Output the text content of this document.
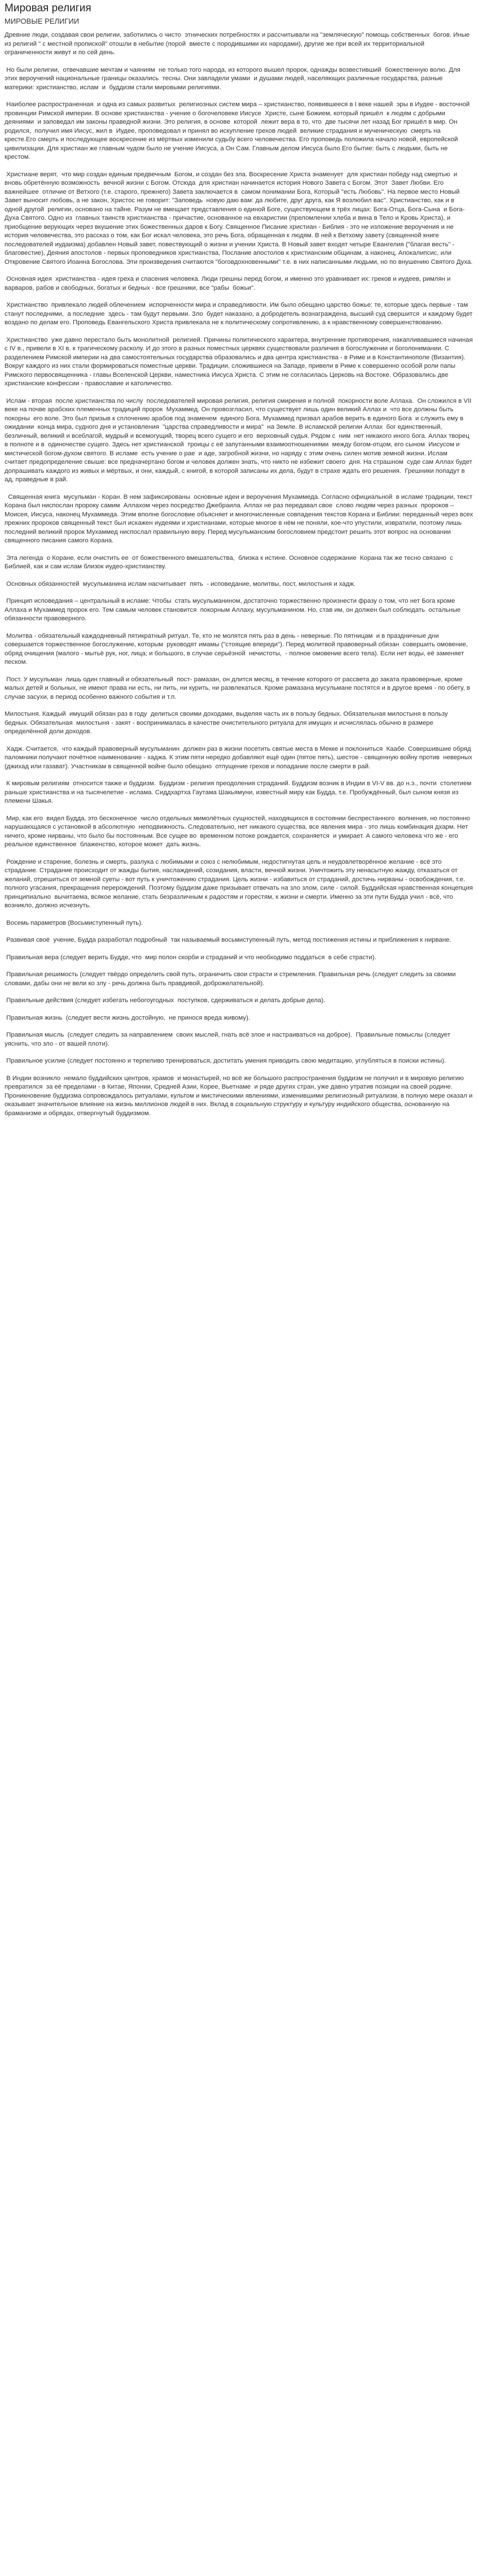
Мировая религия
МИРОВЫЕ РЕЛИГИИ

Древние люди, создавая свои религии, заботились о чисто  этнических потребностях и рассчитывали на "земляческую" помощь собственных  богов. Иные из религий " с местной пропиской" отошли в небытие (порой  вместе с породившими их народами), другие же при всей их территориальной  ограниченности живут и по сей день.

Но были религии,  отвечавшие мечтам и чаяниям  не только того народа, из которого вышел пророк, однажды возвестивший  божественную волю. Для этих вероучений национальные границы оказались  тесны. Они завладели умами  и душами людей, населяющих различные государства, разные  материки: христианство, ислам  и  буддизм стали мировыми религиями.

Наиболее распространенная  и одна из самых развитых  религиозных систем мира – христианство, появившееся в I веке нашей  эры в Иудее - восточной провинции Римской империи. В основе христианства - учение о богочеловеке Иисусе  Христе, сыне Божием, который пришёл  к людям с добрыми деяниями  и заповедал им законы праведной жизни. Это религия, в основе  которой  лежит вера в то, что  две тысячи лет назад Бог пришёл в мир. Он родился,  получил имя Иисус, жил в  Иудее, проповедовал и принял во искупление грехов людей  великие страдания и мученическую  смерть на кресте.Его смерть и последующее воскресение из мёртвых изменили судьбу всего человечества. Его проповедь положила начало новой, европейской цивилизации. Для христиан же главным чудом было не учение Иисуса, а Он Сам. Главным делом Иисуса было Его бытие: быть с людьми, быть не крестом.

Христиане верят,  что мир создан единым предвечным  Богом, и создан без зла. Воскресение Христа знаменует  для христиан победу над смертью  и вновь обретённую возможность  вечной жизни с Богом. Отсюда  для христиан начинается история Нового Завета с Богом. Этот  Завет Любви. Его важнейшее  отличие от Ветхого (т.е. старого, прежнего) Завета заключается в  самом понимании Бога, Который "есть Любовь". На первое место Новый Завет выносит любовь, а не закон, Христос не говорит: "Заповедь  новую даю вам: да любите, друг друга, как Я возлюбил вас". Христианство, как и в одной другой  религии, основано на тайне. Разум не вмещает представления о единой Боге, существующем в трёх лицах: Бога-Отца, Бога-Сына  и Бога-Духа Святого. Одно из  главных таинств христианства - причастие, основанное на евхаристии (преломлении хлеба и вина в Тело и Кровь Христа), и приобщение верующих через вкушение этих божественных даров к Богу. Священное Писание христиан - Библия - это не изложение вероучения и не история человечества, это рассказ о том, как Бог искал человека, это речь Бога, обращенная к людям. В ней к Ветхому завету (священной книге последователей иудаизма) добавлен Новый завет, повествующий о жизни и учении Христа. В Новый завет входят четыре Евангелия ("благая весть" - благовестие), Деяния апостолов - первых проповедников христианства, Послание апостолов к христианским общинам, а наконец, Апокалипсис, или Откровение Святого Иоанна Богослова. Эти произведения считаются "боговдохновенными" т.е. в них написанными людьми, но по внушению Святого Духа.

Основная идея  христианства - идея греха и спасения человека. Люди грешны перед богом, и именно это уравнивает их: греков и иудеев, римлян и варваров, рабов и свободных, богатых и бедных - все грешники, все "рабы  божьи".

Христианство  привлекало людей облечением  испорченности мира и справедливости. Им было обещано царство божье: те, которые здесь первые - там станут последними,  а последние  здесь - там будут первыми. Зло  будет наказано, а добродетель вознаграждена, высший суд свершится  и каждому будет воздано по делам его. Проповедь Евангельского Христа привлекала не к политическому сопротивлению, а к нравственному совершенствованию.

Христианство  уже давно перестало быть монолитной  религией. Причины политического характера, внутренние противоречия, накапливавшиеся начиная с IV в., привели в XI в. к трагическому расколу. И до этого в разных поместных церквях существовали различия в богослужении и боголонимании. С разделением Римской империи на два самостоятельных государства образовались и два центра христианства - в Риме и в Константинополе (Византия). Вокруг каждого из них стали формироваться поместные церкви. Традиции, сложившиеся на Западе, привели в Риме к совершенно особой роли папы Римского первосвященника - главы Вселенской Церкви, наместника Иисуса Христа. С этим не согласилась Церковь на Востоке. Образовались две христианские конфессии - православие и католичество.

Ислам - вторая  после христианства по числу  последователей мировая религия, религия смирения и полной  покорности воле Аллаха.  Он сложился в VII веке на почве арабских племенных традиций пророк  Мухаммед. Он провозгласил, что существует лишь один великий Аллах и  что все должны быть покорны  его воле. Это был призыв к сплочению арабов под знаменем  единого Бога. Мухаммед призвал арабов верить в единого Бога  и служить ему в ожидании  конца мира, судного дня и установления  "царства справедливости и мира"  на Земле. В исламской религии Аллах  бог единственный, безличный, великий и всеблагой, мудрый и всемогущий, творец всего сущего и его  верховный судья. Рядом с  ним  нет никакого иного бога. Аллах творец в полноте и в  одиночестве сущего. Здесь нет христианской  троицы с её запутанными взаимоотношениями  между богом-отцом, его сыном  Иисусом и мистической богом-духом святого. В исламе  есть учение о рае  и аде, загробной жизни, но наряду с этим очень силен мотив земной жизни. Ислам  считает предопределение свыше: все предначертано богом и человек должен знать, что никто не избежит своего  дня. На страшном  суде сам Аллах будет допрашивать каждого из живых и мёртвых, и они, каждый, с книгой, в которой записаны их дела, будут в страхе ждать его решения.  Грешники попадут в ад, праведные в рай.

Священная книга  мусульман - Коран. В нем зафиксированы  основные идеи и вероучения Мухаммеда. Согласно официальной  в исламе традиции, текст Корана был ниспослан пророку самим  Аллахом через посредство Джебраила. Аллах не раз передавал свое  слово людям через разных  пророков – Моисея, Иисуса, наконец Мухаммеда. Этим вполне богословие объясняет и многочисленные совпадения текстов Корана и Библии: переданный через всех прежних пророков священный текст был искажен иудеями и христианами, которые многое в нём не поняли, кое-что упустили, извратили, поэтому лишь последний великий пророк Мухаммед ниспослал правильную веру. Перед мусульманским богословием предстоит решить этот вопрос на основании священного писания самого Корана.

Эта легенда  о Коране, если очистить ее  от божественного вмешательства,  близка к истине. Основное содержание  Корана так же тесно связано  с Библией, как и сам ислам близок иудео-христианству.

Основных обязанностей  мусульманина ислам насчитывает  пять  - исповедание, молитвы, пост, милостыня и хадж.

Принцип исповедания – центральный в исламе: Чтобы  стать мусульманином, достаточно торжественно произнести фразу о том, что нет Бога кроме Аллаха и Мухаммед пророк его. Тем самым человек становится  покорным Аллаху, мусульманином. Но, став им, он должен был соблюдать  остальные обязанности правоверного.

Молитва - обязательный каждодневный пятикратный ритуал. Те, кто не молятся пять раз в день - неверные. По пятницам  и в праздничные дни совершается торжественное богослужение, которым  руководят имамы ("стоящие впереди"). Перед молитвой правоверный обязан  совершить омовение, обряд очищения (малого - мытьё рук, ног, лица; и большого, в случае серьёзной  нечистоты,  - полное омовение всего тела). Если нет воды, её заменяет песком.

Пост. У мусульман  лишь один главный и обязательный  пост- рамазан, он длится месяц, в течение которого от рассвета до заката правоверные, кроме малых детей и больных, не имеют права ни есть, ни пить, ни курить, ни развлекаться. Кроме рамазана мусульмане постятся и в другое время - по обету, в случае засухи, в период особенно важного события и т.п.

Милостыня. Каждый  имущий обязан раз в году  делиться своими доходами, выделяя часть их в пользу бедных. Обязательная милостыня в пользу бедных. Обязательная  милостыня - закят - воспринималась в качестве очистительного ритуала для имущих и исчислялась обычно в размере определённой доли доходов.

Хадж. Считается,  что каждый правоверный мусульманин  должен раз в жизни посетить святые места в Мекке и поклониться  Каабе. Совершившие обряд паломники получают почётное наименование - хаджа. К этим пяти нередко добавляют ещё один (пятое пять), шестое - священную войну против  неверных (джихад или газават). Участникам в священной войне было обещано  отпущение грехов и попадание после смерти в рай.

К мировым религиям  относится также и буддизм.  Буддизм - религия преодоления страданий. Буддизм возник в Индии в VI-V вв. до н.э., почти  столетием раньше христианства и на тысячелетие - ислама. Сиддхартха Гаутама Шакьямуни, известный миру как Будда, т.е. Пробуждённый, был сыном князя из племени Шакья.

Мир, как его  видел Будда, это бесконечное  число отдельных мимолётных сущностей, находящихся в состоянии беспрестанного  волнения, но постоянно нарушающаяся с установкой в абсолютную  неподвижность. Следовательно, нет никакого существа, все явления мира - это лишь комбинация дхарм. Нет ничего, кроме нирваны, что было бы постоянным. Все сущее во  временном потоке рождается, сохраняется  и умирает. А самого человека что же - его реальное единственное  блаженство, которое может  дать жизнь.

Рождение и старение, болезнь и смерть, разлука с любимыми и союз с нелюбимым, недостигнутая цель и неудовлетворённое желание - всё это страдание. Страдание происходит от жажды бытия, наслаждений, созидания, власти, вечной жизни. Уничтожить эту ненасытную жажду, отказаться от желаний, отрешиться от земной суеты - вот путь к уничтожению страдания. Цель жизни - избавиться от страданий, достичь нирваны - освобождения, т.е. полного угасания, прекращения перерождений. Поэтому буддизм даже призывает отвечать на зло злом, силе - силой. Буддийская нравственная концепция принципиально  вычитаема, всякое желание, стать безразличным к радостям и горестям, к жизни и смерти. Именно за эти пути Будда учил - всё, что возникло, должно исчезнуть.

Восемь параметров (Восьмиступенный путь).

Развивая своё  учение, Будда разработал подробный  так называемый восьмиступенный путь, метод постижения истины и приближения к нирване.

Правильная вера (следует верить Будде, что  мир полон скорби и страданий и что необходимо поддаться  в себе страсти).

Правильная решимость (следует твёрдо определить свой путь, ограничить свои страсти и стремления. Правильная речь (следует следить за своими словами, дабы они не вели ко злу - речь должна быть правдивой, доброжелательной).

Правильные действия (следует избегать небогоугодных  поступков, сдерживаться и делать добрые дела).

Правильная жизнь  (следует вести жизнь достойную,  не принося вреда живому).

Правильная мысль  (следует следить за направлением  своих мыслей, гнать всё злое и настраиваться на доброе).  Правильные помыслы (следует уяснить, что зло - от вашей плоти).

Правильное усилие (следует постоянно и терпеливо тренироваться, доститать умения приводить свою медитацию, углубляться в поиски истины).

В Индии возникло  немало буддийских центров, храмов  и монастырей, но всё же большого распространения буддизм не получил и в мировую религию превратился  за её пределами - в Китае, Японии, Средней Азии, Корее, Вьетнаме  и ряде других стран, уже давно утратив позиции на своей родине. Проникновение буддизма сопровождалось ритуалами, культом и мистическими явлениями, изменившими религиозный ритуализм, в полную мере оказал и оказывает значительное влияние на жизнь миллионов людей в них. Вклад в социальную структуру и культуру индийского общества, основанную на браманизме и обрядах, отвергнутый буддизмом.
